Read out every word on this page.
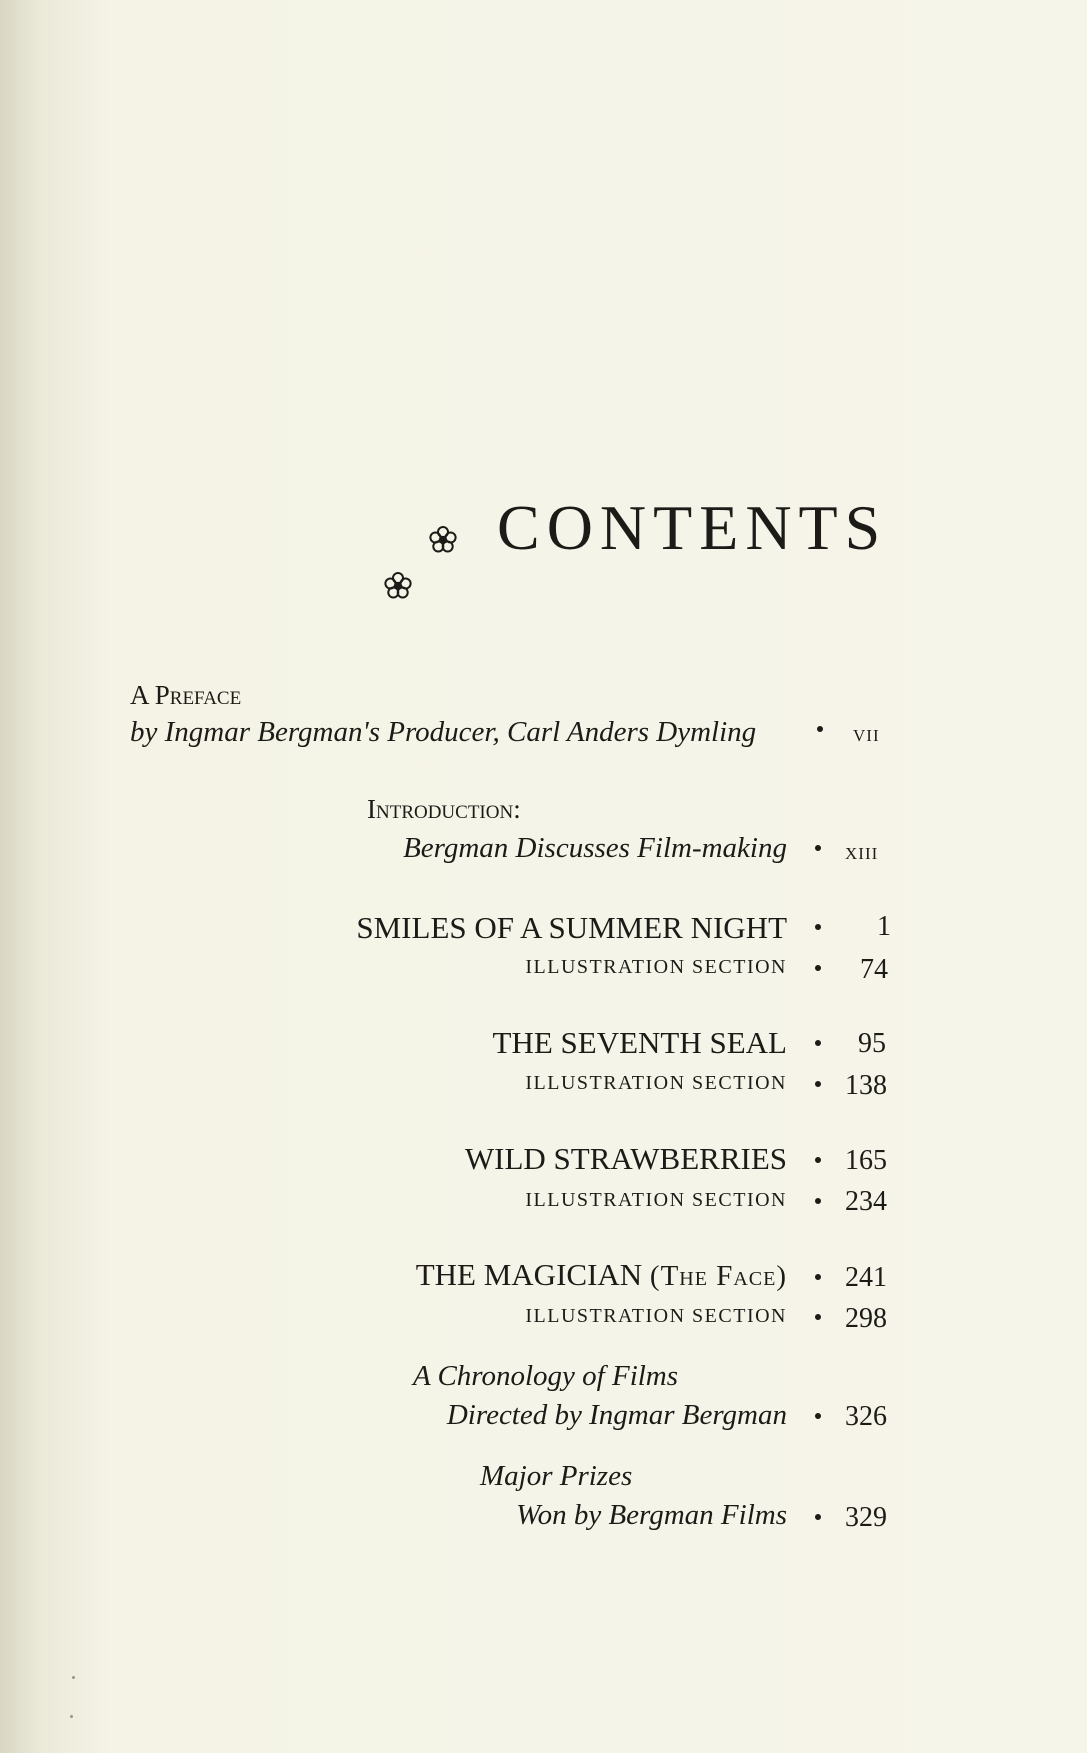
CONTENTS
A Preface
by Ingmar Bergman's Producer, Carl Anders Dymling	vii
Introduction:
Bergman Discusses Film-making xiii
SMILES OF A SUMMER NIGHT	1
ILLUSTRATION SECTION	74
THE SEVENTH SEAL	95
ILLUSTRATION SECTION 138
WILD STRAWBERRIES 165
ILLUSTRATION SECTION 234
THE MAGICIAN (The Face) 241
ILLUSTRATION SECTION 298
A Chronology of Films
Directed by Ingmar Bergman 326
Major Prizes
Won by Bergman Films 329
